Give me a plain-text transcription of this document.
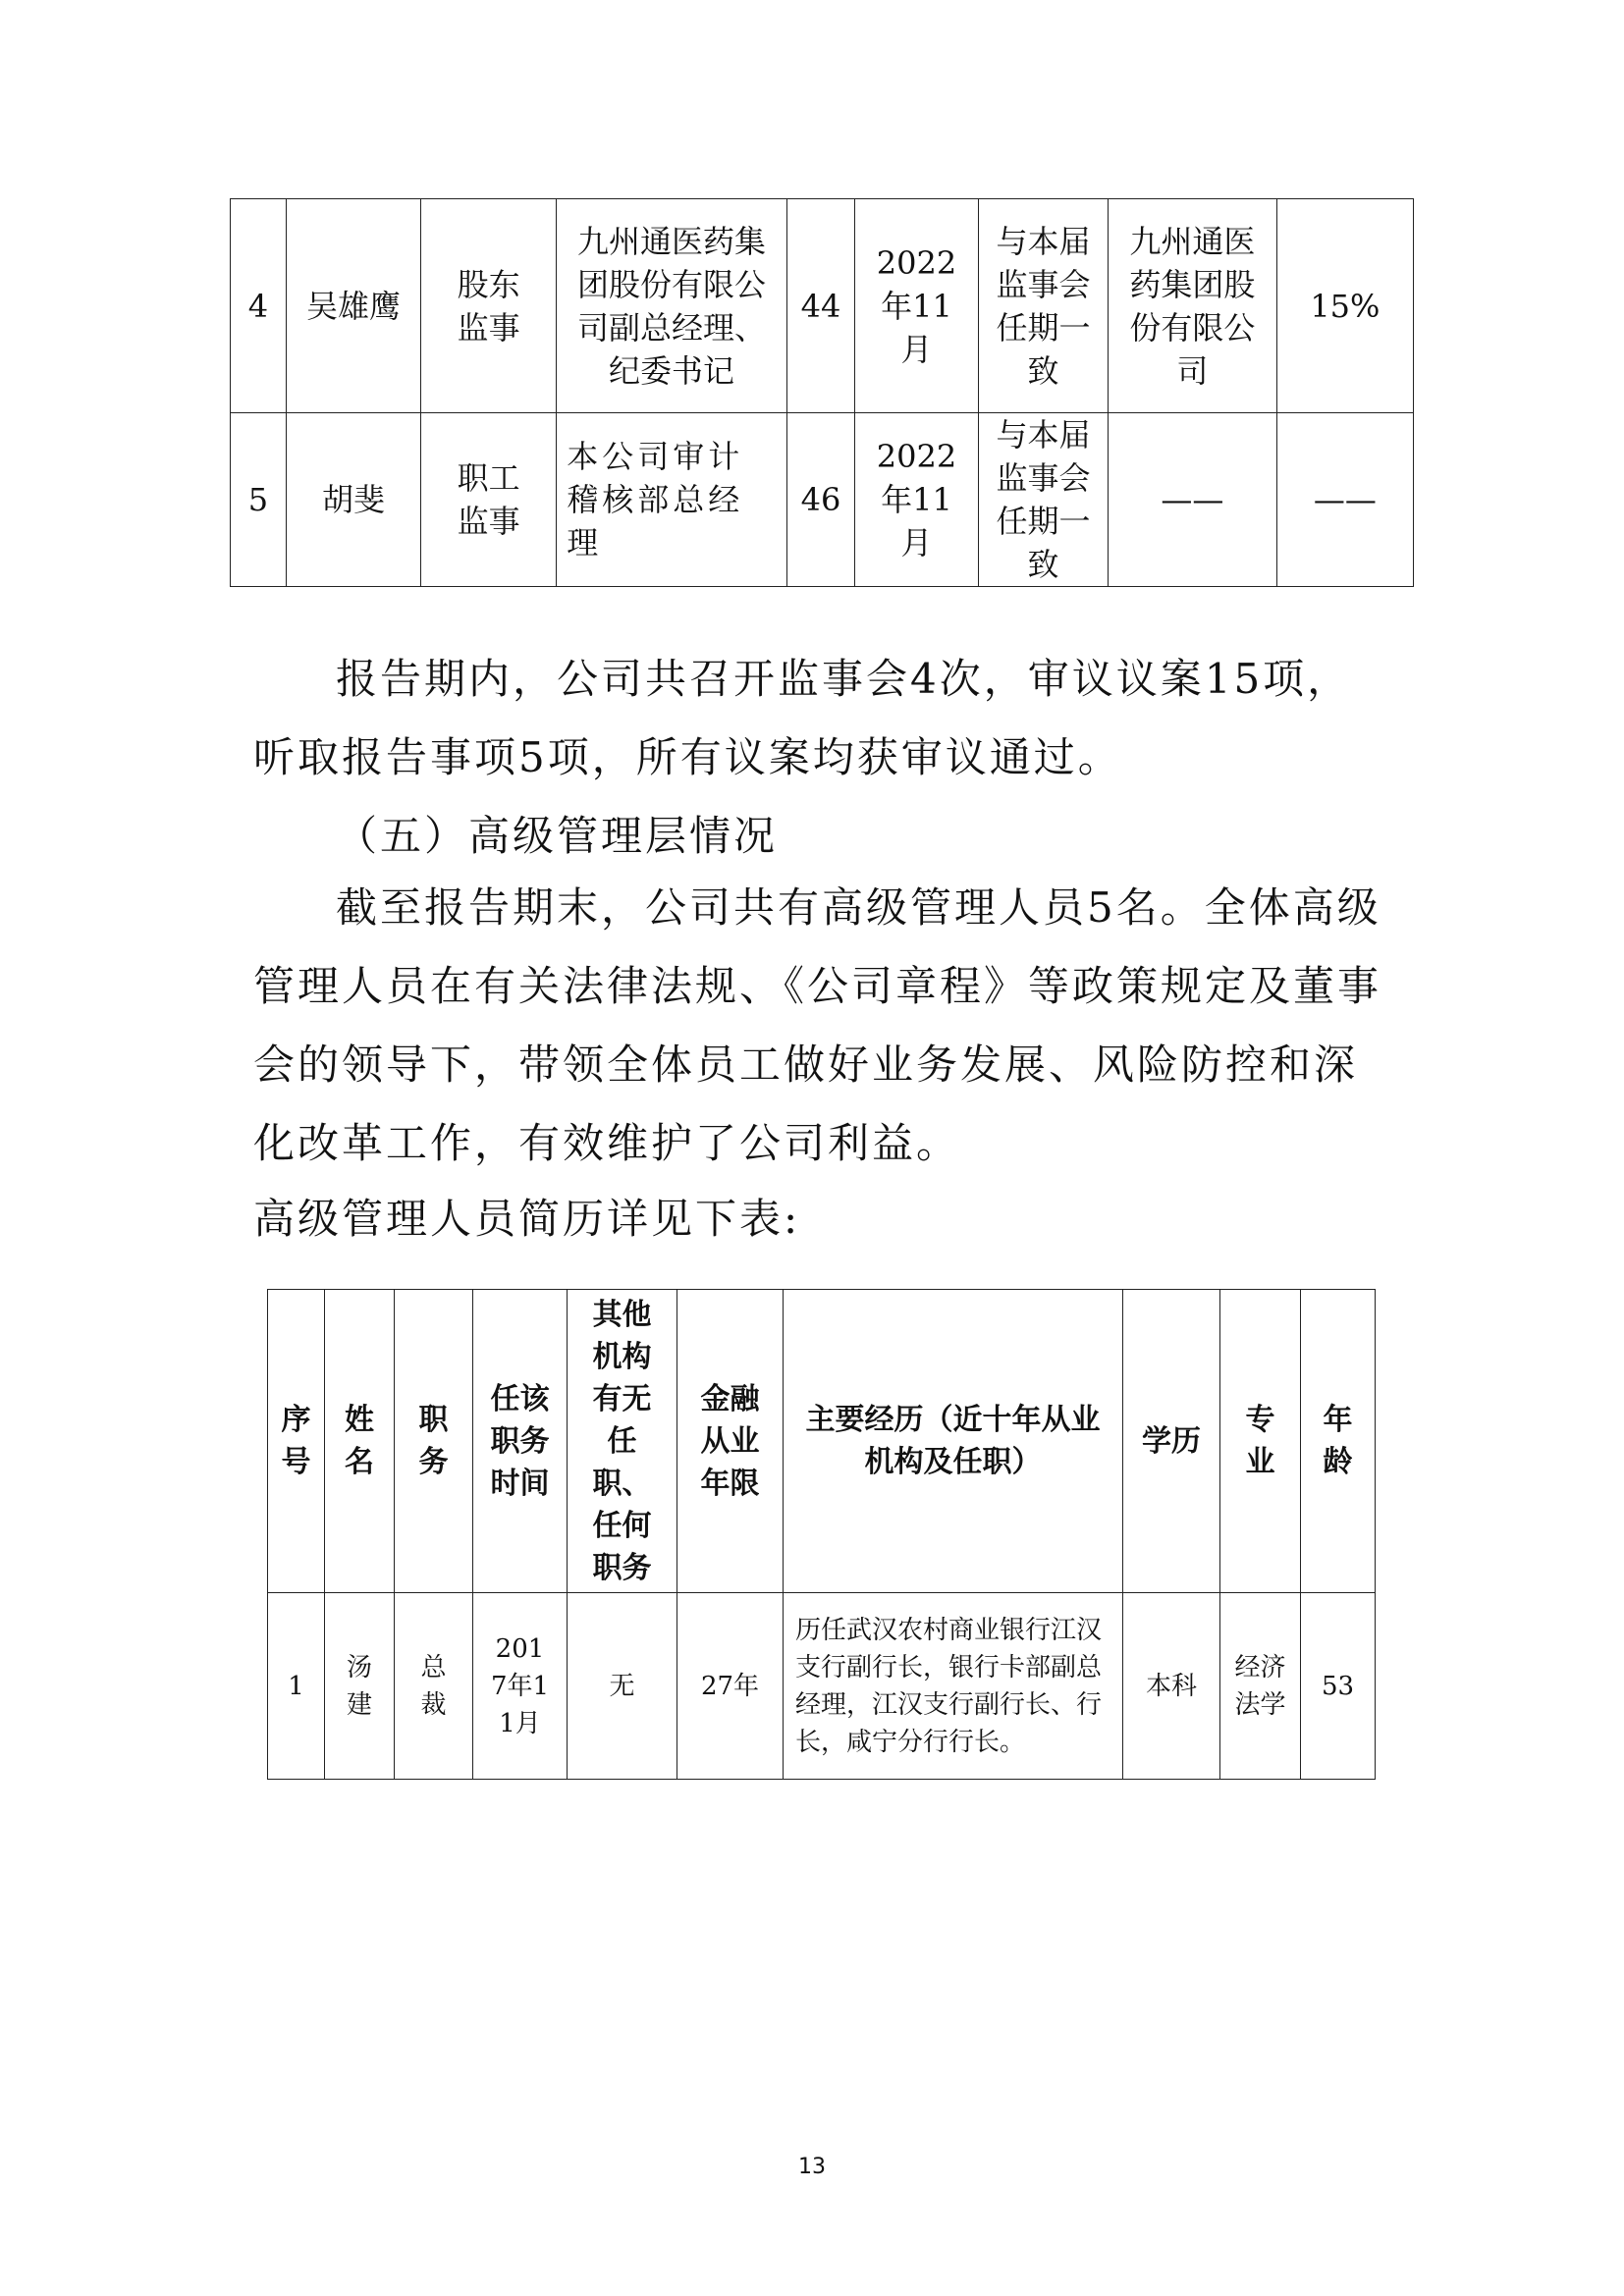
4	吴雄鹰	股东监事	九州通医药集团股份有限公司副总经理、纪委书记	44	2022年11月	与本届监事会任期一致	九州通医药集团股份有限公司	15%
5	胡斐	职工监事	本公司审计稽核部总经理	46	2022年11月	与本届监事会任期一致	——	——

报告期内，公司共召开监事会4次，审议议案15项，听取报告事项5项，所有议案均获审议通过。

（五）高级管理层情况

截至报告期末，公司共有高级管理人员5名。全体高级管理人员在有关法律法规、《公司章程》等政策规定及董事会的领导下，带领全体员工做好业务发展、风险防控和深化改革工作，有效维护了公司利益。

高级管理人员简历详见下表:

序号	姓名	职务	任该职务时间	其他机构有无任职、任何职务	金融从业年限	主要经历（近十年从业机构及任职）	学历	专业	年龄
1	汤建	总裁	2017年11月	无	27年	历任武汉农村商业银行江汉支行副行长，银行卡部副总经理，江汉支行副行长、行长，咸宁分行行长。	本科	经济法学	53
13
